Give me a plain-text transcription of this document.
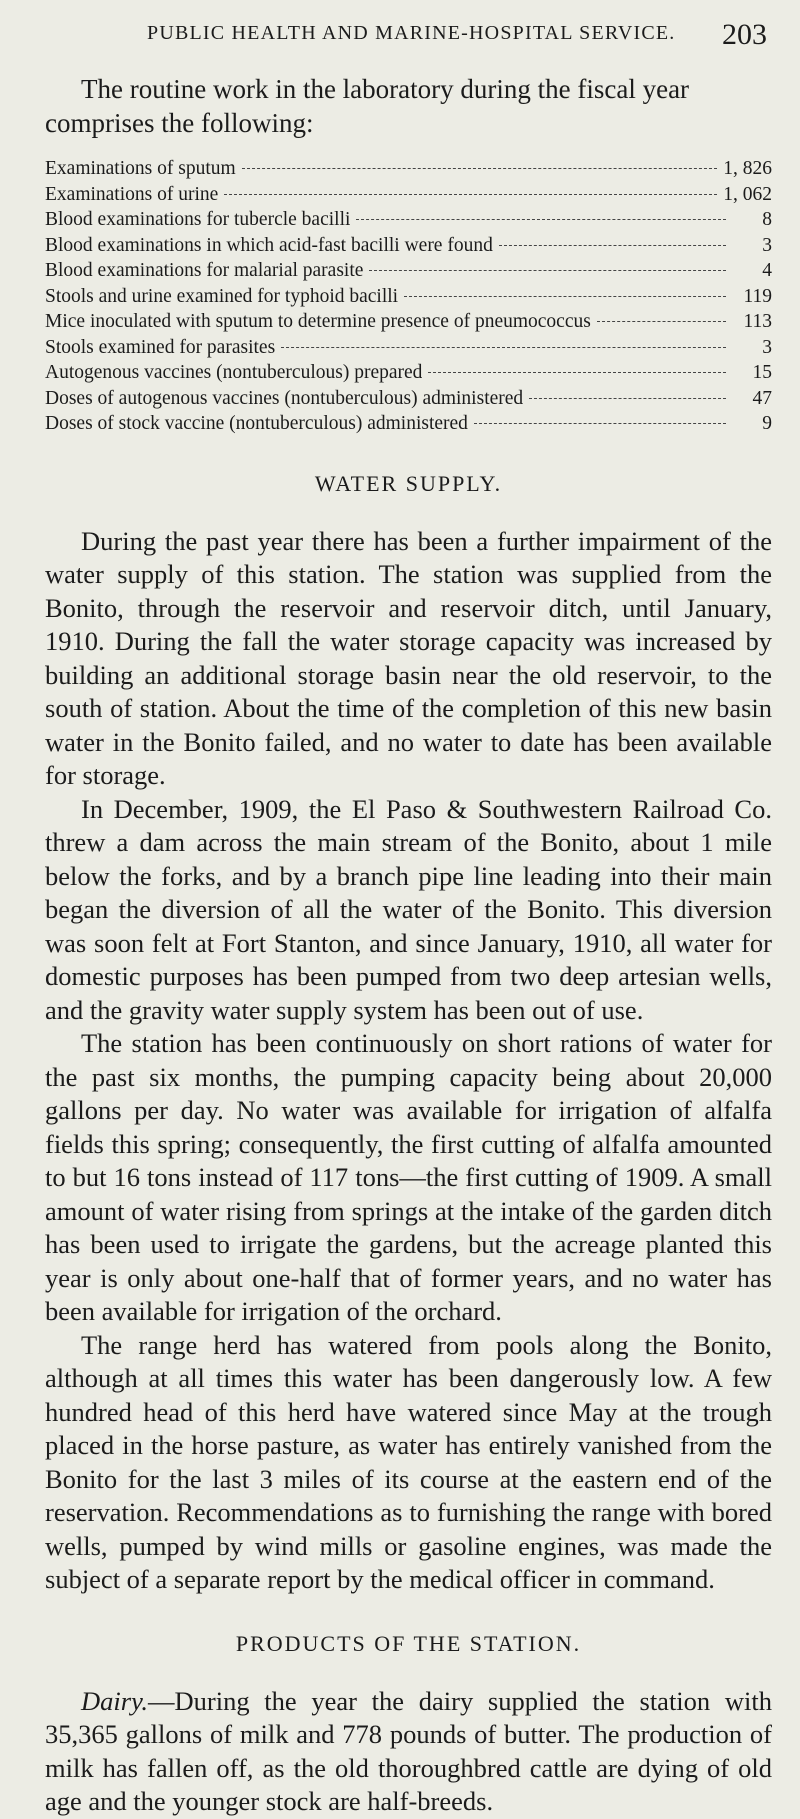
PUBLIC HEALTH AND MARINE-HOSPITAL SERVICE. 203

The routine work in the laboratory during the fiscal year comprises the following:

Examinations of sputum	1, 826
Examinations of urine	1, 062
Blood examinations for tubercle bacilli	8
Blood examinations in which acid-fast bacilli were found	3
Blood examinations for malarial parasite	4
Stools and urine examined for typhoid bacilli	119
Mice inoculated with sputum to determine presence of pneumococcus	113
Stools examined for parasites	3
Autogenous vaccines (nontuberculous) prepared	15
Doses of autogenous vaccines (nontuberculous) administered	47
Doses of stock vaccine (nontuberculous) administered	9
WATER SUPPLY.

During the past year there has been a further impairment of the water supply of this station. The station was supplied from the Bonito, through the reservoir and reservoir ditch, until January, 1910. During the fall the water storage capacity was increased by building an additional storage basin near the old reservoir, to the south of station. About the time of the completion of this new basin water in the Bonito failed, and no water to date has been available for storage.

In December, 1909, the El Paso & Southwestern Railroad Co. threw a dam across the main stream of the Bonito, about 1 mile below the forks, and by a branch pipe line leading into their main began the diversion of all the water of the Bonito. This diversion was soon felt at Fort Stanton, and since January, 1910, all water for domestic purposes has been pumped from two deep artesian wells, and the gravity water supply system has been out of use.

The station has been continuously on short rations of water for the past six months, the pumping capacity being about 20,000 gallons per day. No water was available for irrigation of alfalfa fields this spring; consequently, the first cutting of alfalfa amounted to but 16 tons instead of 117 tons—the first cutting of 1909. A small amount of water rising from springs at the intake of the garden ditch has been used to irrigate the gardens, but the acreage planted this year is only about one-half that of former years, and no water has been available for irrigation of the orchard.

The range herd has watered from pools along the Bonito, although at all times this water has been dangerously low. A few hundred head of this herd have watered since May at the trough placed in the horse pasture, as water has entirely vanished from the Bonito for the last 3 miles of its course at the eastern end of the reservation. Recommendations as to furnishing the range with bored wells, pumped by wind mills or gasoline engines, was made the subject of a separate report by the medical officer in command.

PRODUCTS OF THE STATION.

Dairy.—During the year the dairy supplied the station with 35,365 gallons of milk and 778 pounds of butter. The production of milk has fallen off, as the old thoroughbred cattle are dying of old age and the younger stock are half-breeds.
